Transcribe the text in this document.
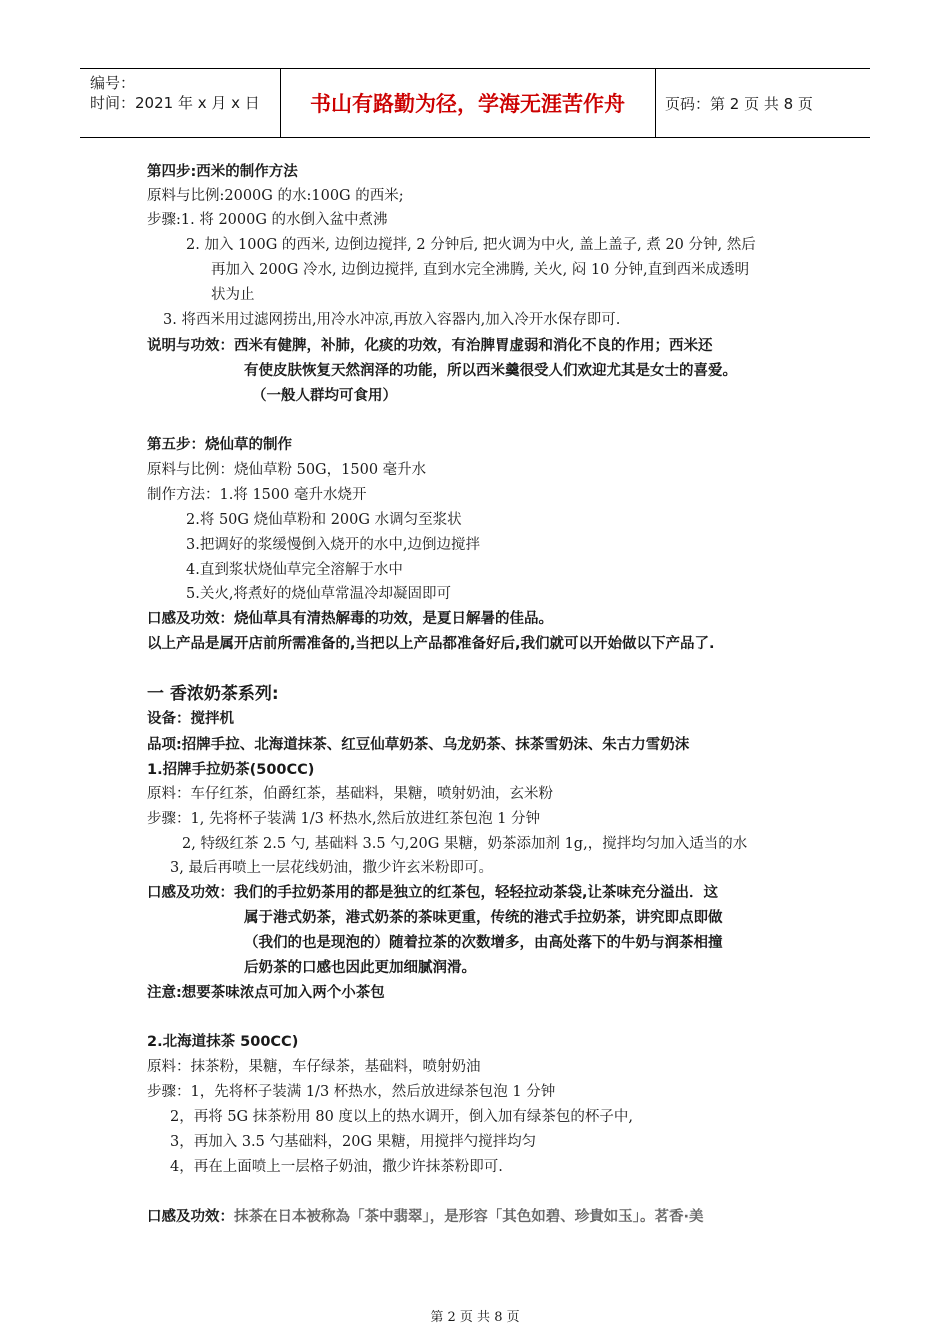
编号：
时间：2021 年 x 月 x 日	书山有路勤为径，学海无涯苦作舟	页码：第 2 页 共 8 页
第四步:西米的制作方法
原料与比例:2000G 的水:100G 的西米;
步骤:1. 将 2000G 的水倒入盆中煮沸
2. 加入 100G 的西米, 边倒边搅拌, 2 分钟后, 把火调为中火, 盖上盖子, 煮 20 分钟, 然后
再加入 200G 冷水, 边倒边搅拌, 直到水完全沸腾, 关火, 闷 10 分钟,直到西米成透明
状为止
3. 将西米用过滤网捞出,用冷水冲凉,再放入容器内,加入冷开水保存即可.
说明与功效：西米有健脾，补肺，化痰的功效，有治脾胃虚弱和消化不良的作用；西米还
有使皮肤恢复天然润泽的功能，所以西米羹很受人们欢迎尤其是女士的喜爱。
（一般人群均可食用）
第五步：烧仙草的制作
原料与比例：烧仙草粉 50G，1500 毫升水
制作方法：1.将 1500 毫升水烧开
2.将 50G 烧仙草粉和 200G 水调匀至浆状
3.把调好的浆缓慢倒入烧开的水中,边倒边搅拌
4.直到浆状烧仙草完全溶解于水中
5.关火,将煮好的烧仙草常温冷却凝固即可
口感及功效：烧仙草具有清热解毒的功效，是夏日解暑的佳品。
以上产品是属开店前所需准备的,当把以上产品都准备好后,我们就可以开始做以下产品了.
一 香浓奶茶系列:
设备：搅拌机
品项:招牌手拉、北海道抹茶、红豆仙草奶茶、乌龙奶茶、抹茶雪奶沫、朱古力雪奶沫
1.招牌手拉奶茶(500CC)
原料：车仔红茶，伯爵红茶，基础料，果糖，喷射奶油，玄米粉
步骤：1, 先将杯子装满 1/3 杯热水,然后放进红茶包泡 1 分钟
2, 特级红茶 2.5 勺, 基础料 3.5 勺,20G 果糖，奶茶添加剂 1g,，搅拌均匀加入适当的水
3, 最后再喷上一层花线奶油，撒少许玄米粉即可。
口感及功效：我们的手拉奶茶用的都是独立的红茶包，轻轻拉动茶袋,让茶味充分溢出．这
属于港式奶茶，港式奶茶的茶味更重，传统的港式手拉奶茶，讲究即点即做
（我们的也是现泡的）随着拉茶的次数增多，由高处落下的牛奶与润茶相撞
后奶茶的口感也因此更加细腻润滑。
注意:想要茶味浓点可加入两个小茶包
2.北海道抹茶 500CC)
原料：抹茶粉，果糖，车仔绿茶，基础料，喷射奶油
步骤：1，先将杯子装满 1/3 杯热水，然后放进绿茶包泡 1 分钟
2，再将 5G 抹茶粉用 80 度以上的热水调开，倒入加有绿茶包的杯子中,
3，再加入 3.5 勺基础料，20G 果糖，用搅拌勺搅拌均匀
4，再在上面喷上一层格子奶油，撒少许抹茶粉即可.
口感及功效：抹茶在日本被称為「茶中翡翠」，是形容「其色如碧、珍貴如玉」。茗香·美
第 2 页 共 8 页
